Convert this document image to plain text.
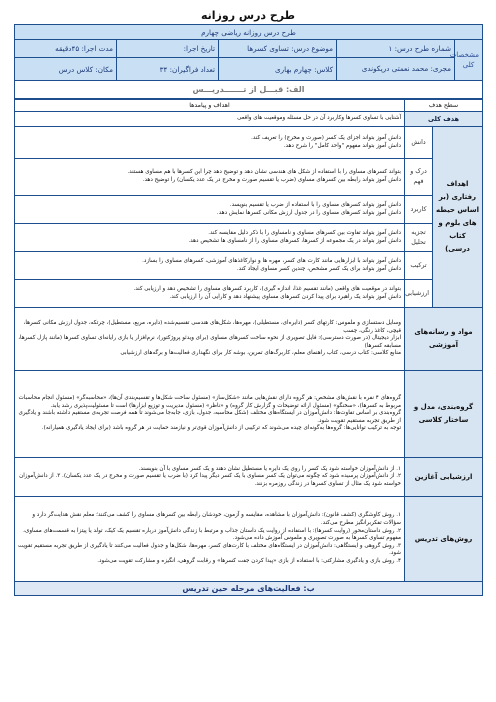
طرح درس روزانه
طرح درس روزانه ریاضی چهارم				
مشخصات کلی	شماره طرح درس: ۱	موضوع درس: تساوی کسرها	تاریخ اجرا:	مدت اجرا: ۴۵دقیقه
	مجری: محمد نعمتی دریکوندی	کلاس: چهارم بهاری	تعداد فراگیران: ۳۴	مکان: کلاس درس
الف: قبـــل از تـــــــدریـــس				
سطح هدف		اهداف و پیامدها
هدف کلی		آشنایی با تساوی کسرها وکاربرد آن در حل مسئله وموقعیت های واقعی
اهداف رفتاری (بر اساس حیطه های بلوم و کتاب درسی)	دانش	دانش آموز بتواند اجزای یک کسر (صورت و مخرج) را تعریف کند.

دانش آموز بتواند مفهوم "واحد کامل" را شرح دهد.

	درک و فهم	بتواند کسرهای مساوی را با استفاده از شکل های هندسی نشان دهد و توضیح دهد چرا این کسرها با هم مساوی هستند.

دانش آموز بتواند رابطه بین کسرهای مساوی (ضرب یا تقسیم صورت و مخرج در یک عدد یکسان) را توضیح دهد.

	کاربرد	دانش آموز بتواند کسرهای مساوی را با استفاده از ضرب یا تقسیم بنویسد.

دانش آموز بتواند کسرهای مساوی را در جدول ارزش مکانی کسرها نمایش دهد.

	تجزیه تحلیل	دانش آموز بتواند تفاوت بین کسرهای مساوی و نامساوی را با ذکر دلیل مقایسه کند.

دانش آموز بتواند در یک مجموعه از کسرها، کسرهای مساوی را از نامساوی ها تشخیص دهد.

	ترکیب	دانش آموز بتواند با ابزارهایی مانند کارت های کسر، مهره ها و نوارکاغذهای آموزشی، کسرهای مساوی را بسازد.

دانش آموز بتواند برای یک کسر مشخص، چندین کسر مساوی ایجاد کند.

	ارزشیابی	بتواند در موقعیت های واقعی (مانند تقسیم غذا، اندازه گیری)، کاربرد کسرهای مساوی را تشخیص دهد و ارزیابی کند.

دانش آموز بتواند یک راهبرد برای پیدا کردن کسرهای مساوی پیشنهاد دهد و کارایی آن را ارزیابی کند.

مواد و رسانه‌های آموزشی		وسایل دستسازی و ملموس: کارتهای کسر (دایره‌ای، مستطیلی)، مهره‌ها، شکل‌های هندسی تقسیم‌شده (دایره، مربع، مستطیل)، چرتکه، جدول ارزش مکانی کسرها، قیچی، کاغذ رنگی، چسب

ابزار دیجیتال (در صورت دسترسی): فایل تصویری از نحوه ساخت کسرهای مساوی (برای ویدئو پروژکتور)، نرم‌افزار یا بازی رایانه‌ای تساوی کسرها (مانند پازل کسرها، مسابقه کسرها)

منابع کلاسی: کتاب درسی، کتاب راهنمای معلم، کاربرگ‌های تمرین، بوشه کار برای نگهداری فعالیت‌ها و برگه‌های ارزشیابی

گروه‌بندی، مدل و ساختار کلاسی		گروه‌های ۴ نفره با نقش‌های مشخص: هر گروه دارای نقش‌هایی مانند «شکل‌ساز» (مسئول ساخت شکل‌ها و تقسیم‌بندی آن‌ها)، «محاسبه‌گر» (مسئول انجام محاسبات مربوط به کسرها)، «سخنگو» (مسئول ارائه توضیحات و گزارش کار گروه) و «ناظر» (مسئول مدیریت و توزیع ابزارها) است تا مسئولیت‌پذیری رشد یابد.

گروه‌بندی بر اساس تفاوت‌ها: دانش‌آموزان در ایستگاه‌های مختلف (شکل محاسبه، جدول، بازی، جابه‌جا می‌شوند تا همه فرصت تجربه‌ی مستقیم داشته باشند و یادگیری از طریق تجربه مستقیم تقویت شود.

توجه به ترکیب توانایی‌ها: گروه‌ها به‌گونه‌ای چیده می‌شوند که ترکیبی از دانش‌آموزان قوی‌تر و نیازمند حمایت در هر گروه باشد (برای ایجاد یادگیری همیارانه).

ارزشیابی آغازین		۱. از دانش‌آموزان خواسته شود یک کسر را روی یک دایره یا مستطیل نشان دهند و یک کسر مساوی با آن بنویسند.

۲. از دانش‌آموزان پرسیده شود که چگونه می‌توان یک کسر مساوی با یک کسر دیگر پیدا کرد (با ضرب یا تقسیم صورت و مخرج در یک عدد یکسان). ۳. از دانش‌آموزان خواسته شود یک مثال از تساوی کسرها در زندگی روزمره بزنند.

روش‌های تدریس		۱. روش کاوشگری (کشف قانون): دانش‌آموزان با مشاهده، مقایسه و آزمون، خودشان رابطه بین کسرهای مساوی را کشف می‌کنند؛ معلم نقش هدایت‌گر دارد و سؤالات تفکربرانگیز مطرح می‌کند.

۲. روش داستان‌محور (روایت کسرها): با استفاده از روایت یک داستان جذاب و مرتبط با زندگی دانش‌آموز درباره تقسیم یک کیک، تولد یا پیتزا به قسمت‌های مساوی، مفهوم تساوی کسرها به صورت تصویری و ملموس آموزش داده می‌شود.

۳. روش گروهی و ایستگاهی: دانش‌آموزان در ایستگاه‌های مختلف با کارت‌های کسر، مهره‌ها، شکل‌ها و جدول فعالیت می‌کنند تا یادگیری از طریق تجربه مستقیم تقویت شود.

۴. روش بازی و یادگیری مشارکتی: با استفاده از بازی «پیدا کردن جفت کسرها» و رقابت گروهی، انگیزه و مشارکت تقویت می‌شود.

ب: فعالیت‌های مرحله حین تدریس		
